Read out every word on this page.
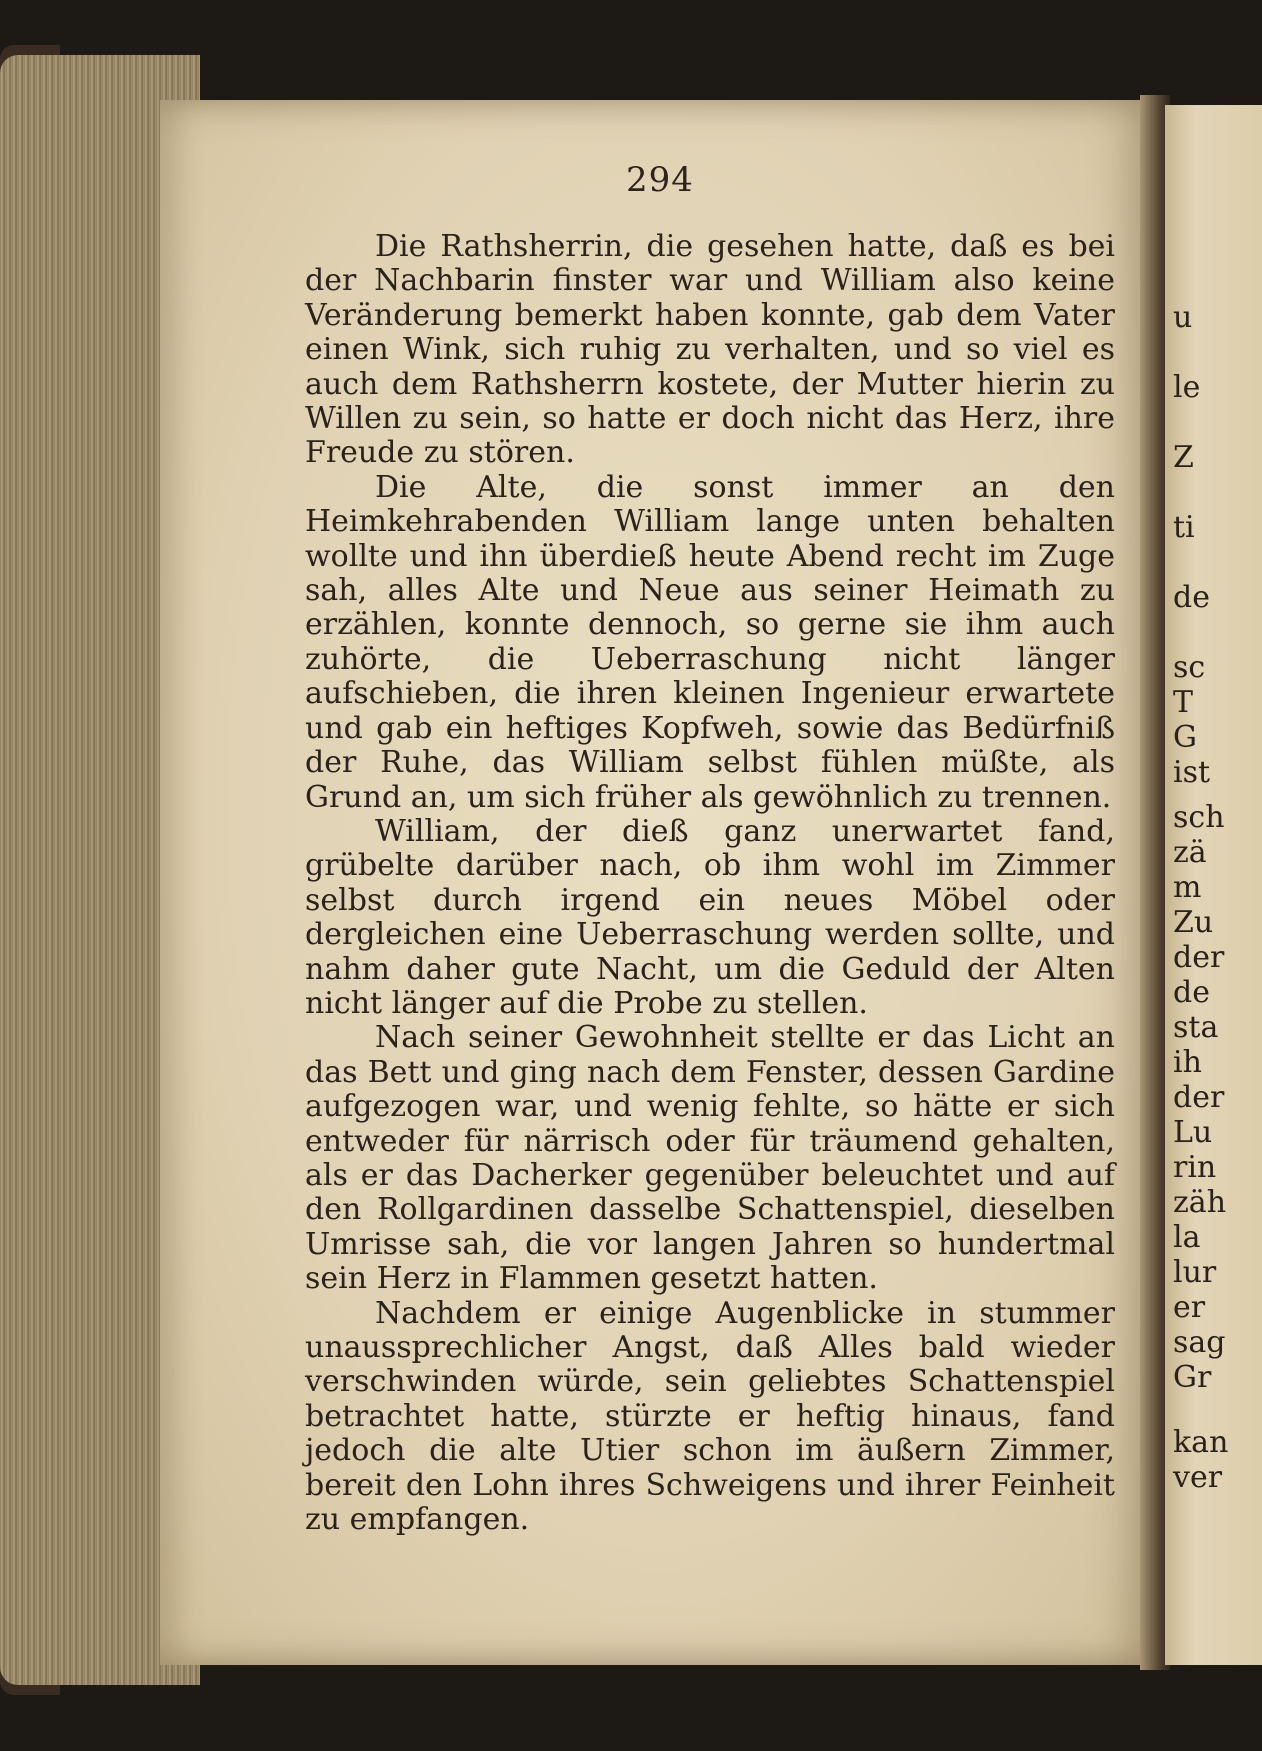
294

Die Rathsherrin, die gesehen hatte, daß es bei der Nachbarin finster war und William also keine Veränderung bemerkt haben konnte, gab dem Vater einen Wink, sich ruhig zu verhalten, und so viel es auch dem Rathsherrn kostete, der Mutter hierin zu Willen zu sein, so hatte er doch nicht das Herz, ihre Freude zu stören.

Die Alte, die sonst immer an den Heimkehrabenden William lange unten behalten wollte und ihn überdieß heute Abend recht im Zuge sah, alles Alte und Neue aus seiner Heimath zu erzählen, konnte dennoch, so gerne sie ihm auch zuhörte, die Ueberraschung nicht länger aufschieben, die ihren kleinen Ingenieur erwartete und gab ein heftiges Kopfweh, sowie das Bedürfniß der Ruhe, das William selbst fühlen müßte, als Grund an, um sich früher als gewöhnlich zu trennen.

William, der dieß ganz unerwartet fand, grübelte darüber nach, ob ihm wohl im Zimmer selbst durch irgend ein neues Möbel oder dergleichen eine Ueberraschung werden sollte, und nahm daher gute Nacht, um die Geduld der Alten nicht länger auf die Probe zu stellen.

Nach seiner Gewohnheit stellte er das Licht an das Bett und ging nach dem Fenster, dessen Gardine aufgezogen war, und wenig fehlte, so hätte er sich entweder für närrisch oder für träumend gehalten, als er das Dacherker gegenüber beleuchtet und auf den Rollgardinen dasselbe Schattenspiel, dieselben Umrisse sah, die vor langen Jahren so hundertmal sein Herz in Flammen gesetzt hatten.

Nachdem er einige Augenblicke in stummer unaussprechlicher Angst, daß Alles bald wieder verschwinden würde, sein geliebtes Schattenspiel betrachtet hatte, stürzte er heftig hinaus, fand jedoch die alte Utier schon im äußern Zimmer, bereit den Lohn ihres Schweigens und ihrer Feinheit zu empfangen.

u
le
Z
ti
de
sc
T
G
ist
sch
zä
m
Zu
der
de
sta
ih
der
Lu
rin
zäh
la
lur
er
sag
Gr
kan
ver
